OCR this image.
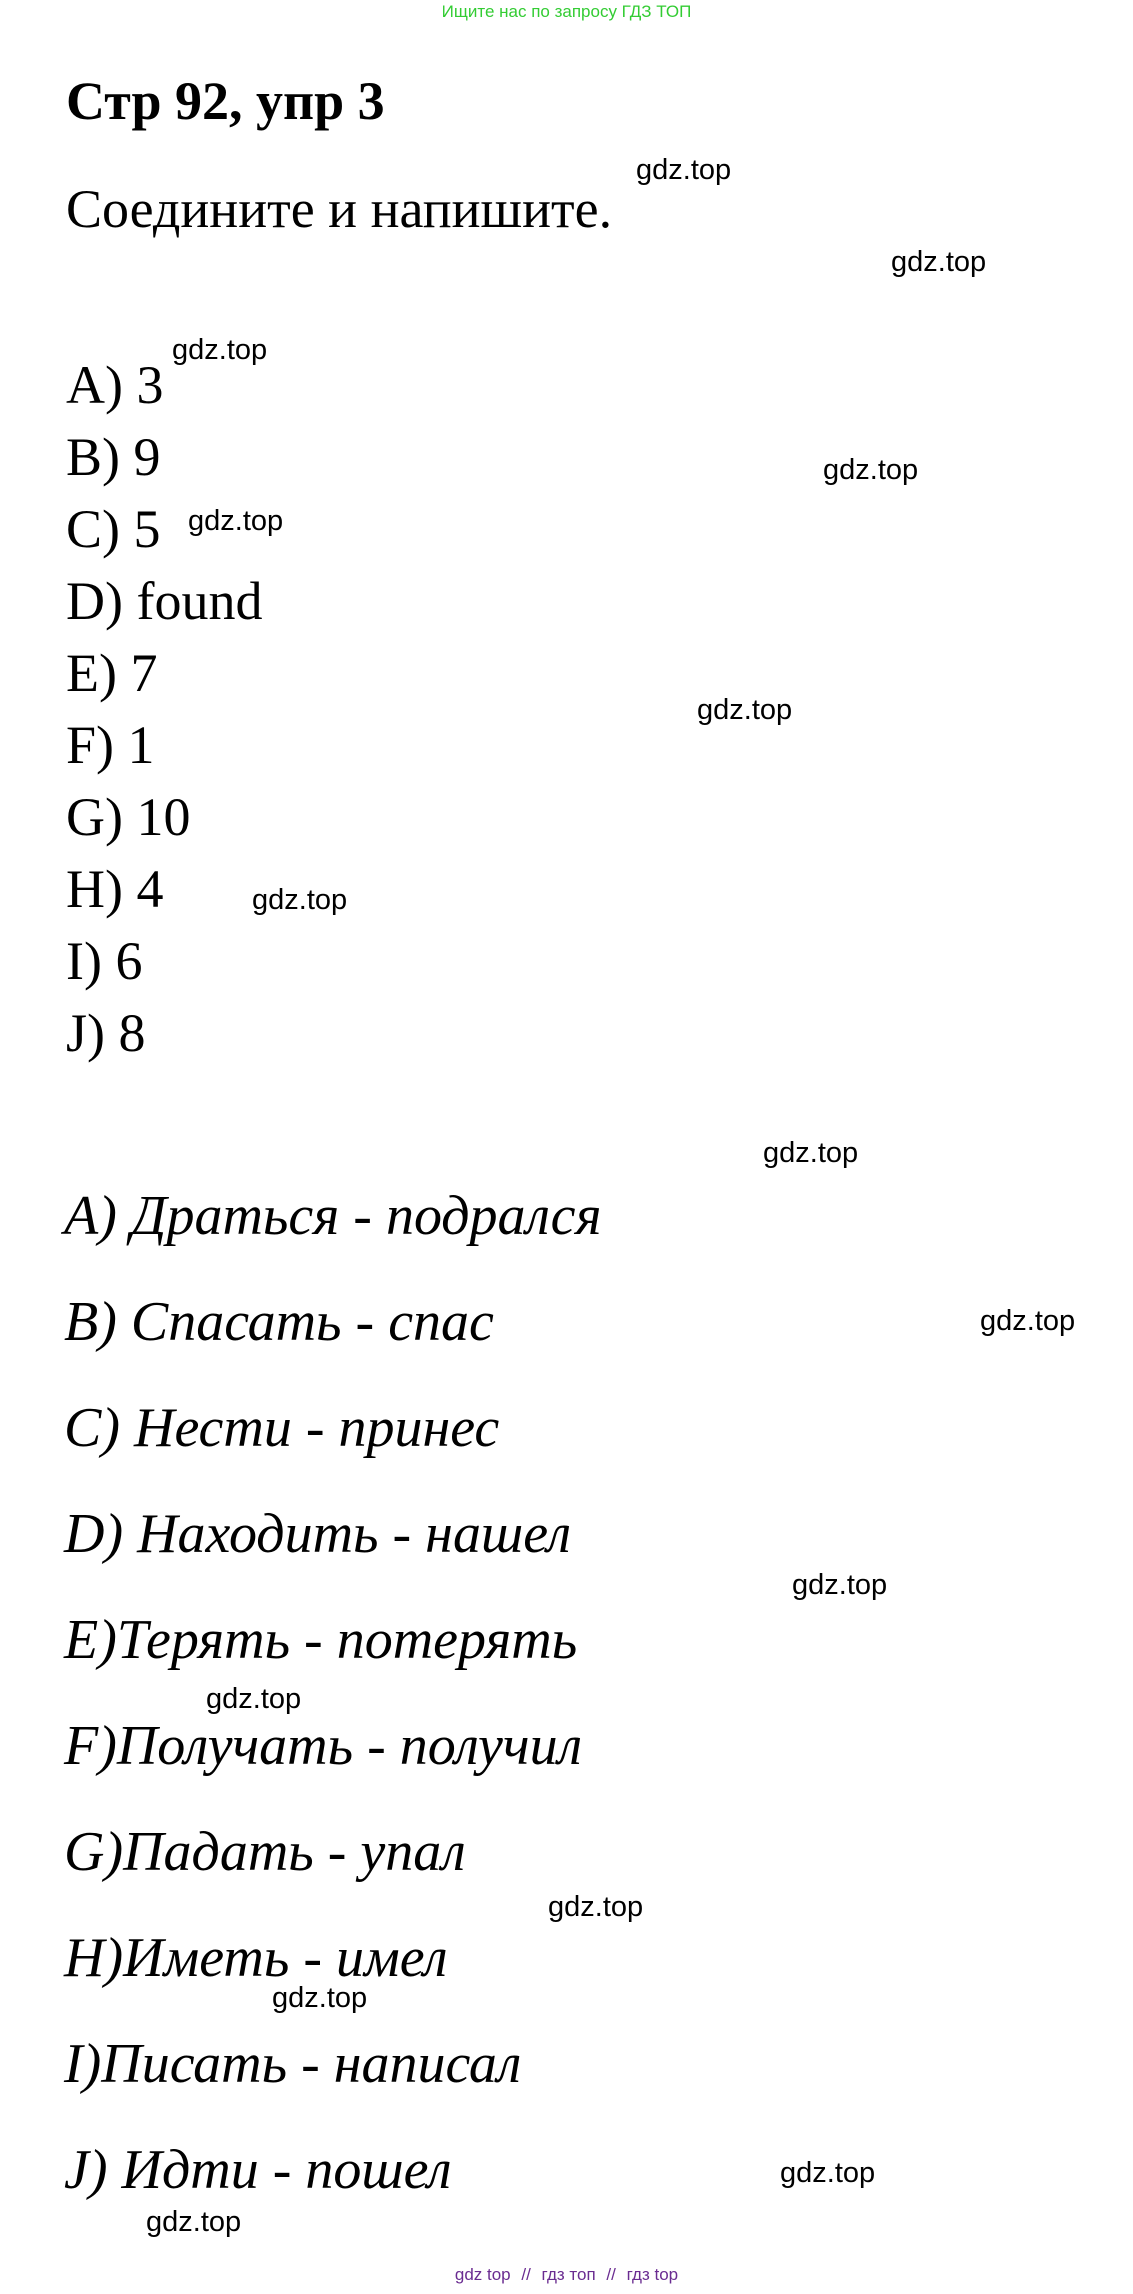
Ищите нас по запросу ГДЗ ТОП
Стр 92, упр 3
Соедините и напишите.
A) 3
B) 9
C) 5
D) found
E) 7
F) 1
G) 10
H) 4
I) 6
J) 8
A) Драться - подрался
B) Спасать - спас
C) Нести - принес
D) Находить - нашел
E)Терять - потерять
F)Получать - получил
G)Падать - упал
H)Иметь - имел
I)Писать - написал
J) Идти - пошел
gdz.top
gdz.top
gdz.top
gdz.top
gdz.top
gdz.top
gdz.top
gdz.top
gdz.top
gdz.top
gdz.top
gdz.top
gdz.top
gdz.top
gdz.top
gdz top // гдз топ // гдз top
